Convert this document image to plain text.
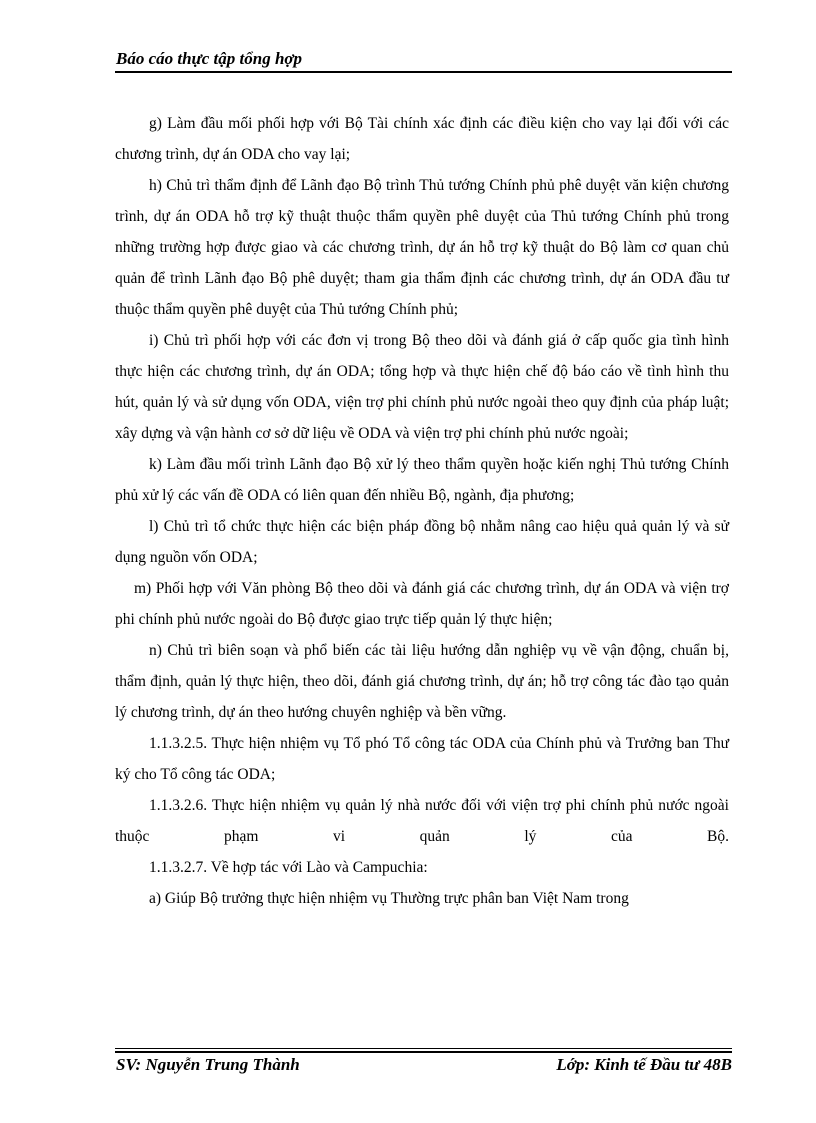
Báo cáo thực tập tổng hợp

g) Làm đầu mối phối hợp với Bộ Tài chính xác định các điều kiện cho vay lại đối với các chương trình, dự án ODA cho vay lại;

h) Chủ trì thẩm định để Lãnh đạo Bộ trình Thủ tướng Chính phủ phê duyệt văn kiện chương trình, dự án ODA hỗ trợ kỹ thuật thuộc thẩm quyền phê duyệt của Thủ tướng Chính phủ trong những trường hợp được giao và các chương trình, dự án hỗ trợ kỹ thuật do Bộ làm cơ quan chủ quản để trình Lãnh đạo Bộ phê duyệt; tham gia thẩm định các chương trình, dự án ODA đầu tư thuộc thẩm quyền phê duyệt của Thủ tướng Chính phủ;

i) Chủ trì phối hợp với các đơn vị trong Bộ theo dõi và đánh giá ở cấp quốc gia tình hình thực hiện các chương trình, dự án ODA; tổng hợp và thực hiện chế độ báo cáo về tình hình thu hút, quản lý và sử dụng vốn ODA, viện trợ phi chính phủ nước ngoài theo quy định của pháp luật; xây dựng và vận hành cơ sở dữ liệu về ODA và viện trợ phi chính phủ nước ngoài;

k) Làm đầu mối trình Lãnh đạo Bộ xử lý theo thẩm quyền hoặc kiến nghị Thủ tướng Chính phủ xử lý các vấn đề ODA có liên quan đến nhiều Bộ, ngành, địa phương;

l) Chủ trì tổ chức thực hiện các biện pháp đồng bộ nhằm nâng cao hiệu quả quản lý và sử dụng nguồn vốn ODA;

m) Phối hợp với Văn phòng Bộ theo dõi và đánh giá các chương trình, dự án ODA và viện trợ phi chính phủ nước ngoài do Bộ được giao trực tiếp quản lý thực hiện;

n) Chủ trì biên soạn và phổ biến các tài liệu hướng dẫn nghiệp vụ về vận động, chuẩn bị, thẩm định, quản lý thực hiện, theo dõi, đánh giá chương trình, dự án; hỗ trợ công tác đào tạo quản lý chương trình, dự án theo hướng chuyên nghiệp và bền vững.

1.1.3.2.5. Thực hiện nhiệm vụ Tổ phó Tổ công tác ODA của Chính phủ và Trưởng ban Thư ký cho Tổ công tác ODA;

1.1.3.2.6. Thực hiện nhiệm vụ quản lý nhà nước đối với viện trợ phi chính phủ nước ngoài thuộc phạm vi quản lý của Bộ.

1.1.3.2.7. Về hợp tác với Lào và Campuchia:

a) Giúp Bộ trưởng thực hiện nhiệm vụ Thường trực phân ban Việt Nam trong

SV: Nguyễn Trung Thành	Lớp: Kinh tế Đầu tư 48B
